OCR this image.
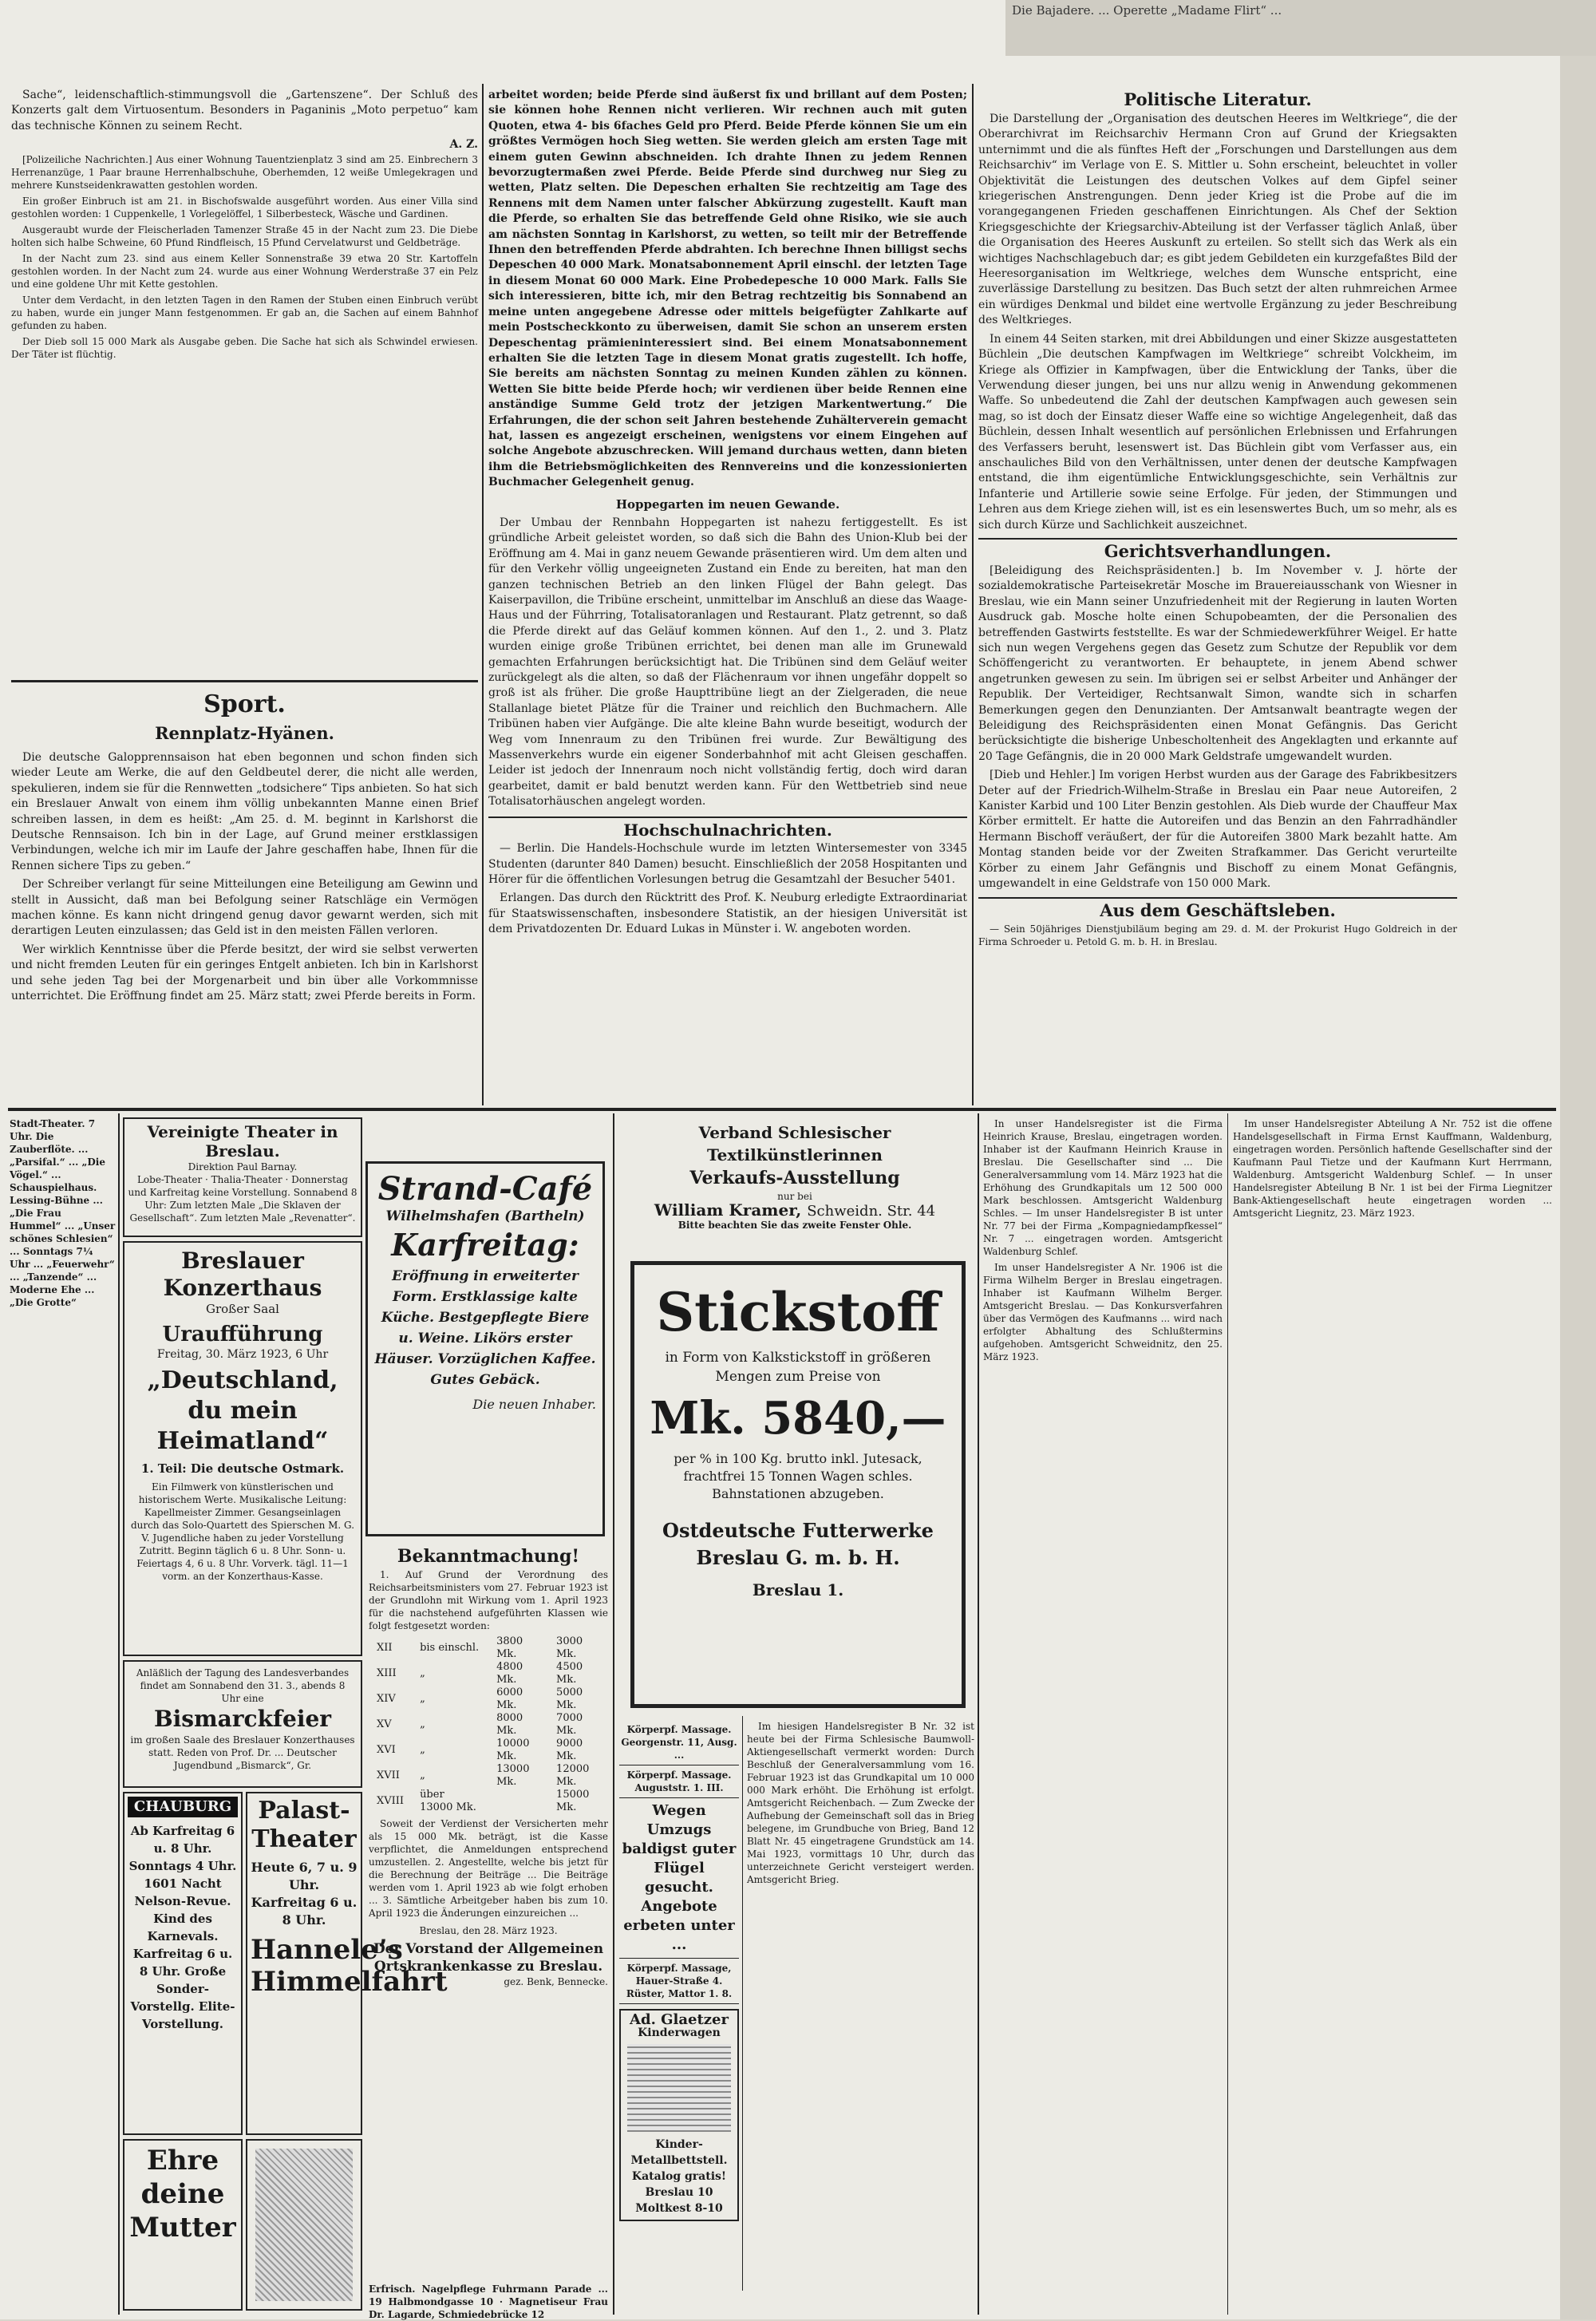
Die Bajadere. ... Operette „Madame Flirt“ ...

Sache“, leidenschaftlich-stimmungsvoll die „Gartenszene“. Der Schluß des Konzerts galt dem Virtuosentum. Besonders in Paganinis „Moto perpetuo“ kam das technische Können zu seinem Recht.

A. Z.

[Polizeiliche Nachrichten.] Aus einer Wohnung Tauentzienplatz 3 sind am 25. Einbrechern 3 Herrenanzüge, 1 Paar braune Herrenhalbschuhe, Oberhemden, 12 weiße Umlegekragen und mehrere Kunstseidenkrawatten gestohlen worden.

Ein großer Einbruch ist am 21. in Bischofswalde ausgeführt worden. Aus einer Villa sind gestohlen worden: 1 Cuppenkelle, 1 Vorlegelöffel, 1 Silberbesteck, Wäsche und Gardinen.

Ausgeraubt wurde der Fleischerladen Tamenzer Straße 45 in der Nacht zum 23. Die Diebe holten sich halbe Schweine, 60 Pfund Rindfleisch, 15 Pfund Cervelatwurst und Geldbeträge.

In der Nacht zum 23. sind aus einem Keller Sonnenstraße 39 etwa 20 Str. Kartoffeln gestohlen worden. In der Nacht zum 24. wurde aus einer Wohnung Werderstraße 37 ein Pelz und eine goldene Uhr mit Kette gestohlen.

Unter dem Verdacht, in den letzten Tagen in den Ramen der Stuben einen Einbruch verübt zu haben, wurde ein junger Mann festgenommen. Er gab an, die Sachen auf einem Bahnhof gefunden zu haben.

Der Dieb soll 15 000 Mark als Ausgabe geben. Die Sache hat sich als Schwindel erwiesen. Der Täter ist flüchtig.

Sport.
Rennplatz-Hyänen.

Die deutsche Galopprennsaison hat eben begonnen und schon finden sich wieder Leute am Werke, die auf den Geldbeutel derer, die nicht alle werden, spekulieren, indem sie für die Rennwetten „todsichere“ Tips anbieten. So hat sich ein Breslauer Anwalt von einem ihm völlig unbekannten Manne einen Brief schreiben lassen, in dem es heißt: „Am 25. d. M. beginnt in Karlshorst die Deutsche Rennsaison. Ich bin in der Lage, auf Grund meiner erstklassigen Verbindungen, welche ich mir im Laufe der Jahre geschaffen habe, Ihnen für die Rennen sichere Tips zu geben.“

Der Schreiber verlangt für seine Mitteilungen eine Beteiligung am Gewinn und stellt in Aussicht, daß man bei Befolgung seiner Ratschläge ein Vermögen machen könne. Es kann nicht dringend genug davor gewarnt werden, sich mit derartigen Leuten einzulassen; das Geld ist in den meisten Fällen verloren.

Wer wirklich Kenntnisse über die Pferde besitzt, der wird sie selbst verwerten und nicht fremden Leuten für ein geringes Entgelt anbieten. Ich bin in Karlshorst und sehe jeden Tag bei der Morgenarbeit und bin über alle Vorkommnisse unterrichtet. Die Eröffnung findet am 25. März statt; zwei Pferde bereits in Form.

arbeitet worden; beide Pferde sind äußerst fix und brillant auf dem Posten; sie können hohe Rennen nicht verlieren. Wir rechnen auch mit guten Quoten, etwa 4- bis 6faches Geld pro Pferd. Beide Pferde können Sie um ein größtes Vermögen hoch Sieg wetten. Sie werden gleich am ersten Tage mit einem guten Gewinn abschneiden. Ich drahte Ihnen zu jedem Rennen bevorzugtermaßen zwei Pferde. Beide Pferde sind durchweg nur Sieg zu wetten, Platz selten. Die Depeschen erhalten Sie rechtzeitig am Tage des Rennens mit dem Namen unter falscher Abkürzung zugestellt. Kauft man die Pferde, so erhalten Sie das betreffende Geld ohne Risiko, wie sie auch am nächsten Sonntag in Karlshorst, zu wetten, so teilt mir der Betreffende Ihnen den betreffenden Pferde abdrahten. Ich berechne Ihnen billigst sechs Depeschen 40 000 Mark. Monatsabonnement April einschl. der letzten Tage in diesem Monat 60 000 Mark. Eine Probedepesche 10 000 Mark. Falls Sie sich interessieren, bitte ich, mir den Betrag rechtzeitig bis Sonnabend an meine unten angegebene Adresse oder mittels beigefügter Zahlkarte auf mein Postscheckkonto zu überweisen, damit Sie schon an unserem ersten Depeschentag prämieninteressiert sind. Bei einem Monatsabonnement erhalten Sie die letzten Tage in diesem Monat gratis zugestellt. Ich hoffe, Sie bereits am nächsten Sonntag zu meinen Kunden zählen zu können. Wetten Sie bitte beide Pferde hoch; wir verdienen über beide Rennen eine anständige Summe Geld trotz der jetzigen Markentwertung.“ Die Erfahrungen, die der schon seit Jahren bestehende Zuhälterverein gemacht hat, lassen es angezeigt erscheinen, wenigstens vor einem Eingehen auf solche Angebote abzuschrecken. Will jemand durchaus wetten, dann bieten ihm die Betriebsmöglichkeiten des Rennvereins und die konzessionierten Buchmacher Gelegenheit genug.

Hoppegarten im neuen Gewande.

Der Umbau der Rennbahn Hoppegarten ist nahezu fertiggestellt. Es ist gründliche Arbeit geleistet worden, so daß sich die Bahn des Union-Klub bei der Eröffnung am 4. Mai in ganz neuem Gewande präsentieren wird. Um dem alten und für den Verkehr völlig ungeeigneten Zustand ein Ende zu bereiten, hat man den ganzen technischen Betrieb an den linken Flügel der Bahn gelegt. Das Kaiserpavillon, die Tribüne erscheint, unmittelbar im Anschluß an diese das Waage-Haus und der Führring, Totalisatoranlagen und Restaurant. Platz getrennt, so daß die Pferde direkt auf das Geläuf kommen können. Auf den 1., 2. und 3. Platz wurden einige große Tribünen errichtet, bei denen man alle im Grunewald gemachten Erfahrungen berücksichtigt hat. Die Tribünen sind dem Geläuf weiter zurückgelegt als die alten, so daß der Flächenraum vor ihnen ungefähr doppelt so groß ist als früher. Die große Haupttribüne liegt an der Zielgeraden, die neue Stallanlage bietet Plätze für die Trainer und reichlich den Buchmachern. Alle Tribünen haben vier Aufgänge. Die alte kleine Bahn wurde beseitigt, wodurch der Weg vom Innenraum zu den Tribünen frei wurde. Zur Bewältigung des Massenverkehrs wurde ein eigener Sonderbahnhof mit acht Gleisen geschaffen. Leider ist jedoch der Innenraum noch nicht vollständig fertig, doch wird daran gearbeitet, damit er bald benutzt werden kann. Für den Wettbetrieb sind neue Totalisatorhäuschen angelegt worden.

Hochschulnachrichten.

— Berlin. Die Handels-Hochschule wurde im letzten Wintersemester von 3345 Studenten (darunter 840 Damen) besucht. Einschließlich der 2058 Hospitanten und Hörer für die öffentlichen Vorlesungen betrug die Gesamtzahl der Besucher 5401.

Erlangen. Das durch den Rücktritt des Prof. K. Neuburg erledigte Extraordinariat für Staatswissenschaften, insbesondere Statistik, an der hiesigen Universität ist dem Privatdozenten Dr. Eduard Lukas in Münster i. W. angeboten worden.

Politische Literatur.

Die Darstellung der „Organisation des deutschen Heeres im Weltkriege“, die der Oberarchivrat im Reichsarchiv Hermann Cron auf Grund der Kriegsakten unternimmt und die als fünftes Heft der „Forschungen und Darstellungen aus dem Reichsarchiv“ im Verlage von E. S. Mittler u. Sohn erscheint, beleuchtet in voller Objektivität die Leistungen des deutschen Volkes auf dem Gipfel seiner kriegerischen Anstrengungen. Denn jeder Krieg ist die Probe auf die im vorangegangenen Frieden geschaffenen Einrichtungen. Als Chef der Sektion Kriegsgeschichte der Kriegsarchiv-Abteilung ist der Verfasser täglich Anlaß, über die Organisation des Heeres Auskunft zu erteilen. So stellt sich das Werk als ein wichtiges Nachschlagebuch dar; es gibt jedem Gebildeten ein kurzgefaßtes Bild der Heeresorganisation im Weltkriege, welches dem Wunsche entspricht, eine zuverlässige Darstellung zu besitzen. Das Buch setzt der alten ruhmreichen Armee ein würdiges Denkmal und bildet eine wertvolle Ergänzung zu jeder Beschreibung des Weltkrieges.

In einem 44 Seiten starken, mit drei Abbildungen und einer Skizze ausgestatteten Büchlein „Die deutschen Kampfwagen im Weltkriege“ schreibt Volckheim, im Kriege als Offizier in Kampfwagen, über die Entwicklung der Tanks, über die Verwendung dieser jungen, bei uns nur allzu wenig in Anwendung gekommenen Waffe. So unbedeutend die Zahl der deutschen Kampfwagen auch gewesen sein mag, so ist doch der Einsatz dieser Waffe eine so wichtige Angelegenheit, daß das Büchlein, dessen Inhalt wesentlich auf persönlichen Erlebnissen und Erfahrungen des Verfassers beruht, lesenswert ist. Das Büchlein gibt vom Verfasser aus, ein anschauliches Bild von den Verhältnissen, unter denen der deutsche Kampfwagen entstand, die ihm eigentümliche Entwicklungsgeschichte, sein Verhältnis zur Infanterie und Artillerie sowie seine Erfolge. Für jeden, der Stimmungen und Lehren aus dem Kriege ziehen will, ist es ein lesenswertes Buch, um so mehr, als es sich durch Kürze und Sachlichkeit auszeichnet.

Gerichtsverhandlungen.

[Beleidigung des Reichspräsidenten.] b. Im November v. J. hörte der sozialdemokratische Parteisekretär Mosche im Brauereiausschank von Wiesner in Breslau, wie ein Mann seiner Unzufriedenheit mit der Regierung in lauten Worten Ausdruck gab. Mosche holte einen Schupobeamten, der die Personalien des betreffenden Gastwirts feststellte. Es war der Schmiedewerkführer Weigel. Er hatte sich nun wegen Vergehens gegen das Gesetz zum Schutze der Republik vor dem Schöffengericht zu verantworten. Er behauptete, in jenem Abend schwer angetrunken gewesen zu sein. Im übrigen sei er selbst Arbeiter und Anhänger der Republik. Der Verteidiger, Rechtsanwalt Simon, wandte sich in scharfen Bemerkungen gegen den Denunzianten. Der Amtsanwalt beantragte wegen der Beleidigung des Reichspräsidenten einen Monat Gefängnis. Das Gericht berücksichtigte die bisherige Unbescholtenheit des Angeklagten und erkannte auf 20 Tage Gefängnis, die in 20 000 Mark Geldstrafe umgewandelt wurden.

[Dieb und Hehler.] Im vorigen Herbst wurden aus der Garage des Fabrikbesitzers Deter auf der Friedrich-Wilhelm-Straße in Breslau ein Paar neue Autoreifen, 2 Kanister Karbid und 100 Liter Benzin gestohlen. Als Dieb wurde der Chauffeur Max Körber ermittelt. Er hatte die Autoreifen und das Benzin an den Fahrradhändler Hermann Bischoff veräußert, der für die Autoreifen 3800 Mark bezahlt hatte. Am Montag standen beide vor der Zweiten Strafkammer. Das Gericht verurteilte Körber zu einem Jahr Gefängnis und Bischoff zu einem Monat Gefängnis, umgewandelt in eine Geldstrafe von 150 000 Mark.

Aus dem Geschäftsleben.

— Sein 50jähriges Dienstjubiläum beging am 29. d. M. der Prokurist Hugo Goldreich in der Firma Schroeder u. Petold G. m. b. H. in Breslau.

Stadt-Theater. 7 Uhr. Die Zauberflöte. ... „Parsifal.“ ... „Die Vögel.“ ... Schauspielhaus. Lessing-Bühne ... „Die Frau Hummel“ ... „Unser schönes Schlesien“ ... Sonntags 7¼ Uhr ... „Feuerwehr“ ... „Tanzende“ ... Moderne Ehe ... „Die Grotte“
Vereinigte Theater in Breslau.
Direktion Paul Barnay.
Lobe-Theater · Thalia-Theater · Donnerstag und Karfreitag keine Vorstellung. Sonnabend 8 Uhr: Zum letzten Male „Die Sklaven der Gesellschaft“. Zum letzten Male „Revenatter“.
Breslauer Konzerthaus
Großer Saal
Uraufführung
Freitag, 30. März 1923, 6 Uhr
„Deutschland, du mein Heimatland“
1. Teil: Die deutsche Ostmark.
Ein Filmwerk von künstlerischen und historischem Werte. Musikalische Leitung: Kapellmeister Zimmer. Gesangseinlagen durch das Solo-Quartett des Spierschen M. G. V. Jugendliche haben zu jeder Vorstellung Zutritt. Beginn täglich 6 u. 8 Uhr. Sonn- u. Feiertags 4, 6 u. 8 Uhr. Vorverk. tägl. 11—1 vorm. an der Konzerthaus-Kasse.
Anläßlich der Tagung des Landesverbandes findet am Sonnabend den 31. 3., abends 8 Uhr eine
Bismarckfeier
im großen Saale des Breslauer Konzerthauses statt. Reden von Prof. Dr. ... Deutscher Jugendbund „Bismarck“, Gr.
CHAUBURG
Ab Karfreitag 6 u. 8 Uhr. Sonntags 4 Uhr. 1601 Nacht Nelson-Revue. Kind des Karnevals. Karfreitag 6 u. 8 Uhr. Große Sonder-Vorstellg. Elite-Vorstellung.
Palast-Theater
Heute 6, 7 u. 9 Uhr. Karfreitag 6 u. 8 Uhr.
Hannele’s Himmelfahrt
Ehre deine Mutter
Strand-Café
Wilhelmshafen (Bartheln)
Karfreitag:
Eröffnung in erweiterter Form. Erstklassige kalte Küche. Bestgepflegte Biere u. Weine. Likörs erster Häuser. Vorzüglichen Kaffee. Gutes Gebäck.
Die neuen Inhaber.
Bekanntmachung!

1. Auf Grund der Verordnung des Reichsarbeitsministers vom 27. Februar 1923 ist der Grundlohn mit Wirkung vom 1. April 1923 für die nachstehend aufgeführten Klassen wie folgt festgesetzt worden:

XII	bis einschl.	3800 Mk.	3000 Mk.
XIII	„	4800 Mk.	4500 Mk.
XIV	„	6000 Mk.	5000 Mk.
XV	„	8000 Mk.	7000 Mk.
XVI	„	10000 Mk.	9000 Mk.
XVII	„	13000 Mk.	12000 Mk.
XVIII	über 13000 Mk.		15000 Mk.

Soweit der Verdienst der Versicherten mehr als 15 000 Mk. beträgt, ist die Kasse verpflichtet, die Anmeldungen entsprechend umzustellen. 2. Angestellte, welche bis jetzt für die Berechnung der Beiträge ... Die Beiträge werden vom 1. April 1923 ab wie folgt erhoben ... 3. Sämtliche Arbeitgeber haben bis zum 10. April 1923 die Änderungen einzureichen ...

Breslau, den 28. März 1923.
Der Vorstand der Allgemeinen Ortskrankenkasse zu Breslau.
gez. Benk, Bennecke.
Verband Schlesischer Textilkünstlerinnen
Verkaufs-Ausstellung
nur bei
William Kramer, Schweidn. Str. 44
Bitte beachten Sie das zweite Fenster Ohle.
Stickstoff
in Form von Kalkstickstoff in größeren Mengen zum Preise von
Mk. 5840,—
per % in 100 Kg. brutto inkl. Jutesack, frachtfrei 15 Tonnen Wagen schles. Bahnstationen abzugeben.
Ostdeutsche Futterwerke Breslau G. m. b. H.
Breslau 1.
Körperpf. Massage. Georgenstr. 11, Ausg. ...
Körperpf. Massage. Auguststr. 1. III.
Wegen Umzugs baldigst guter Flügel gesucht. Angebote erbeten unter ...
Körperpf. Massage, Hauer-Straße 4. Rüster, Mattor 1. 8.
Ad. Glaetzer
Kinderwagen
Kinder-Metallbettstell. Katalog gratis! Breslau 10 Moltkest 8-10

Im hiesigen Handelsregister B Nr. 32 ist heute bei der Firma Schlesische Baumwoll-Aktiengesellschaft vermerkt worden: Durch Beschluß der Generalversammlung vom 16. Februar 1923 ist das Grundkapital um 10 000 000 Mark erhöht. Die Erhöhung ist erfolgt. Amtsgericht Reichenbach. — Zum Zwecke der Aufhebung der Gemeinschaft soll das in Brieg belegene, im Grundbuche von Brieg, Band 12 Blatt Nr. 45 eingetragene Grundstück am 14. Mai 1923, vormittags 10 Uhr, durch das unterzeichnete Gericht versteigert werden. Amtsgericht Brieg.

Erfrisch. Nagelpflege Fuhrmann Parade ... 19 Halbmondgasse 10 · Magnetiseur Frau Dr. Lagarde, Schmiedebrücke 12

In unser Handelsregister ist die Firma Heinrich Krause, Breslau, eingetragen worden. Inhaber ist der Kaufmann Heinrich Krause in Breslau. Die Gesellschafter sind ... Die Generalversammlung vom 14. März 1923 hat die Erhöhung des Grundkapitals um 12 500 000 Mark beschlossen. Amtsgericht Waldenburg Schles. — Im unser Handelsregister B ist unter Nr. 77 bei der Firma „Kompagniedampfkessel“ Nr. 7 ... eingetragen worden. Amtsgericht Waldenburg Schlef.

Im unser Handelsregister A Nr. 1906 ist die Firma Wilhelm Berger in Breslau eingetragen. Inhaber ist Kaufmann Wilhelm Berger. Amtsgericht Breslau. — Das Konkursverfahren über das Vermögen des Kaufmanns ... wird nach erfolgter Abhaltung des Schlußtermins aufgehoben. Amtsgericht Schweidnitz, den 25. März 1923.

Im unser Handelsregister Abteilung A Nr. 752 ist die offene Handelsgesellschaft in Firma Ernst Kauffmann, Waldenburg, eingetragen worden. Persönlich haftende Gesellschafter sind der Kaufmann Paul Tietze und der Kaufmann Kurt Herrmann, Waldenburg. Amtsgericht Waldenburg Schlef. — In unser Handelsregister Abteilung B Nr. 1 ist bei der Firma Liegnitzer Bank-Aktiengesellschaft heute eingetragen worden ... Amtsgericht Liegnitz, 23. März 1923.
